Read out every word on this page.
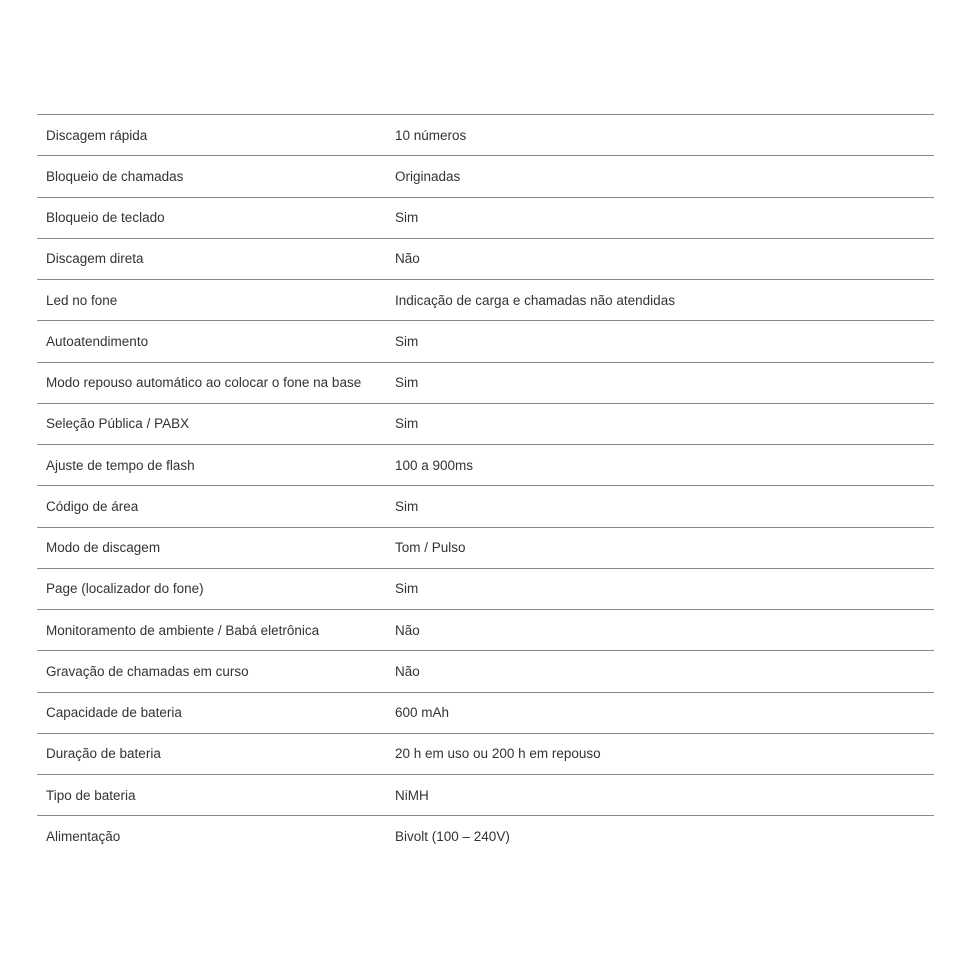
Discagem rápida	10 números
Bloqueio de chamadas	Originadas
Bloqueio de teclado	Sim
Discagem direta	Não
Led no fone	Indicação de carga e chamadas não atendidas
Autoatendimento	Sim
Modo repouso automático ao colocar o fone na base	Sim
Seleção Pública / PABX	Sim
Ajuste de tempo de flash	100 a 900ms
Código de área	Sim
Modo de discagem	Tom / Pulso
Page (localizador do fone)	Sim
Monitoramento de ambiente / Babá eletrônica	Não
Gravação de chamadas em curso	Não
Capacidade de bateria	600 mAh
Duração de bateria	20 h em uso ou 200 h em repouso
Tipo de bateria	NiMH
Alimentação	Bivolt (100 – 240V)
